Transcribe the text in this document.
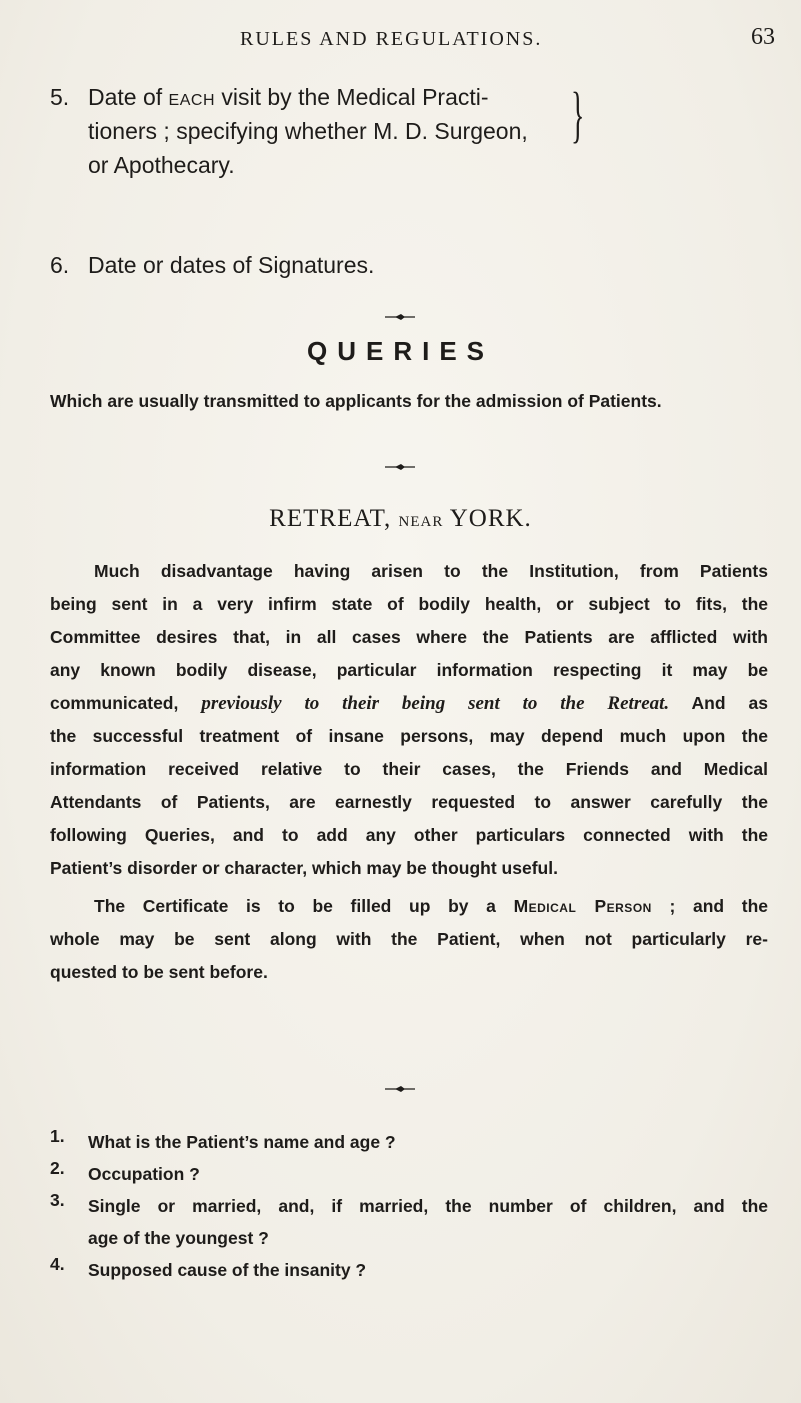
RULES AND REGULATIONS.	63
5. Date of each visit by the Medical Practi-
tioners ; specifying whether M. D. Surgeon,
or Apothecary.
}
6. Date or dates of Signatures.
QUERIES
Which are usually transmitted to applicants for the admission of Patients.
RETREAT, NEAR YORK.
Much disadvantage having arisen to the Institution, from Patients
being sent in a very infirm state of bodily health, or subject to fits, the
Committee desires that, in all cases where the Patients are afflicted with
any known bodily disease, particular information respecting it may be
communicated, previously to their being sent to the Retreat. And as
the successful treatment of insane persons, may depend much upon the
information received relative to their cases, the Friends and Medical
Attendants of Patients, are earnestly requested to answer carefully the
following Queries, and to add any other particulars connected with the
Patient’s disorder or character, which may be thought useful.
The Certificate is to be filled up by a Medical Person ; and the
whole may be sent along with the Patient, when not particularly re-
quested to be sent before.
1.	What is the Patient’s name and age ?
2.	Occupation ?
3.	Single or married, and, if married, the number of children, and the
age of the youngest ?
4.	Supposed cause of the insanity ?
